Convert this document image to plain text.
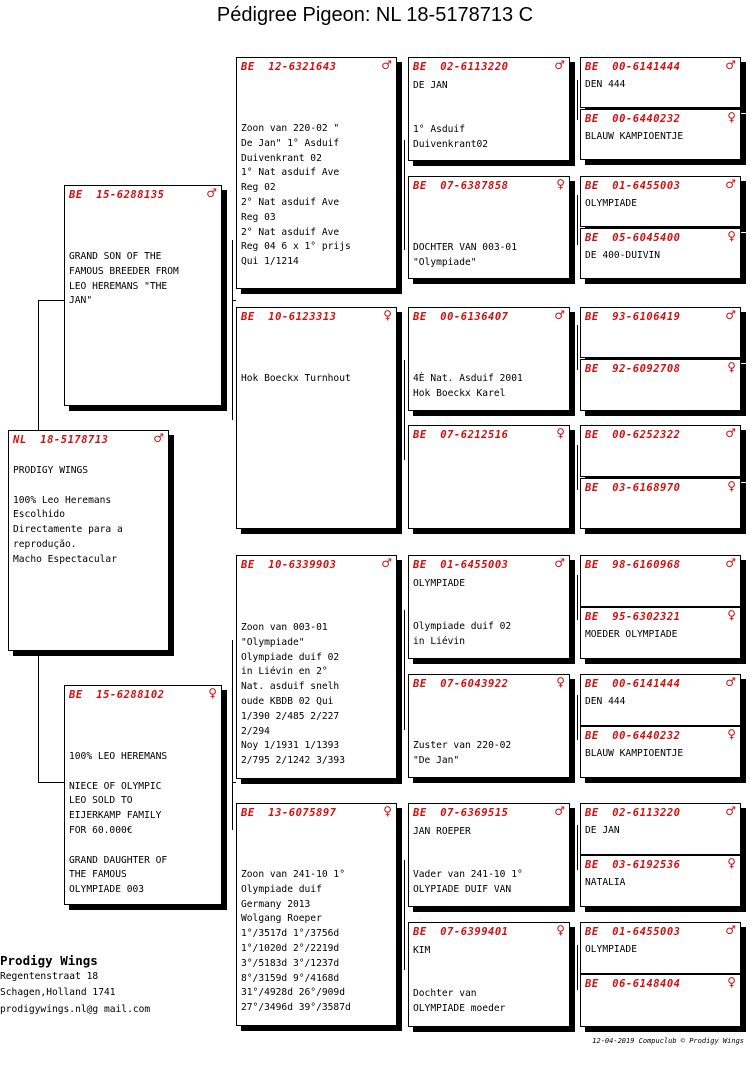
Pédigree Pigeon: NL 18-5178713 C
NL  18-5178713	♂
PRODIGY WINGS

100% Leo Heremans
Escolhido
Directamente para a
reprodução.
Macho Espectacular
BE  15-6288135	♂
GRAND SON OF THE
FAMOUS BREEDER FROM
LEO HEREMANS "THE
JAN"
BE  15-6288102	♀
100% LEO HEREMANS

NIECE OF OLYMPIC
LEO SOLD TO
EIJERKAMP FAMILY
FOR 60.000€

GRAND DAUGHTER OF
THE FAMOUS
OLYMPIADE 003
BE  12-6321643	♂
Zoon van 220-02 "
De Jan" 1° Asduif
Duivenkrant 02
1° Nat asduif Ave
Reg 02
2° Nat asduif Ave
Reg 03
2° Nat asduif Ave
Reg 04 6 x 1° prijs
Qui 1/1214
BE  10-6123313	♀
Hok Boeckx Turnhout
BE  10-6339903	♂
Zoon van 003-01
"Olympiade"
Olympiade duif 02
in Liévin en 2°
Nat. asduif snelh
oude KBDB 02 Qui
1/390 2/485 2/227
2/294
Noy 1/1931 1/1393
2/795 2/1242 3/393
BE  13-6075897	♀
Zoon van 241-10 1°
Olympiade duif
Germany 2013
Wolgang Roeper
1°/3517d 1°/3756d
1°/1020d 2°/2219d
3°/5183d 3°/1237d
8°/3159d 9°/4168d
31°/4928d 26°/909d
27°/3496d 39°/3587d
BE  02-6113220	♂
DE JAN
1° Asduif
Duivenkrant02
BE  07-6387858	♀
DOCHTER VAN 003-01
"Olympiade"
BE  00-6136407	♂
4È Nat. Asduif 2001
Hok Boeckx Karel
BE  07-6212516	♀
BE  01-6455003	♂
OLYMPIADE
Olympiade duif 02
in Liévin
BE  07-6043922	♀
Zuster van 220-02
"De Jan"
BE  07-6369515	♂
JAN ROEPER
Vader van 241-10 1°
OLYPIADE DUIF VAN
BE  07-6399401	♀
KIM
Dochter van
OLYMPIADE moeder
BE  00-6141444	♂
DEN 444
BE  00-6440232	♀
BLAUW KAMPIOENTJE
BE  01-6455003	♂
OLYMPIADE
BE  05-6045400	♀
DE 400-DUIVIN
BE  93-6106419	♂
BE  92-6092708	♀
BE  00-6252322	♂
BE  03-6168970	♀
BE  98-6160968	♂
BE  95-6302321	♀
MOEDER OLYMPIADE
BE  00-6141444	♂
DEN 444
BE  00-6440232	♀
BLAUW KAMPIOENTJE
BE  02-6113220	♂
DE JAN
BE  03-6192536	♀
NATALIA
BE  01-6455003	♂
OLYMPIADE
BE  06-6148404	♀
Prodigy Wings
Regentenstraat 18
Schagen,Holland 1741
prodigywings.nl@g mail.com
12-04-2019 Compuclub © Prodigy Wings
